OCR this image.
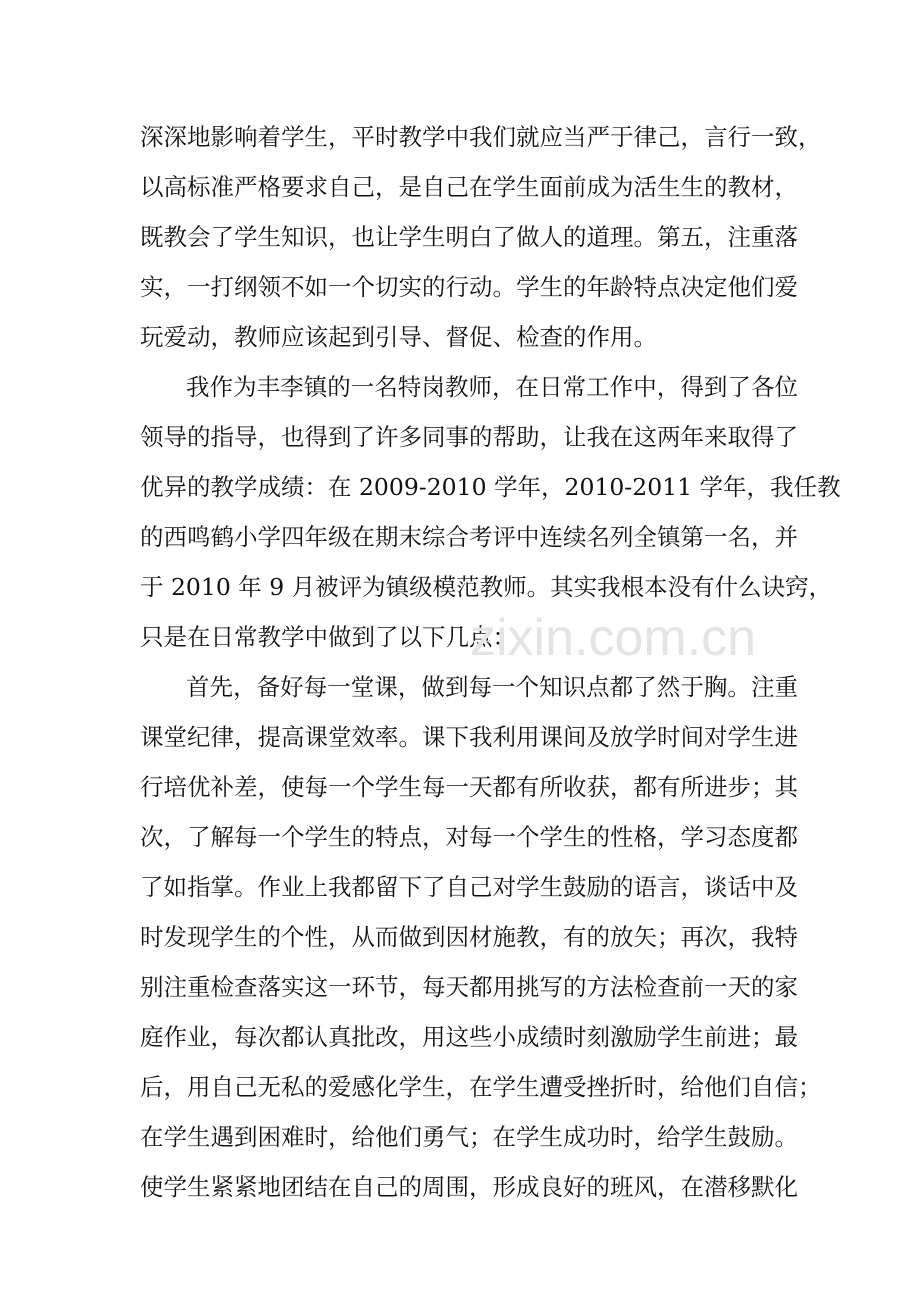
深深地影响着学生，平时教学中我们就应当严于律己，言行一致，
以高标准严格要求自己，是自己在学生面前成为活生生的教材，
既教会了学生知识，也让学生明白了做人的道理。第五，注重落
实，一打纲领不如一个切实的行动。学生的年龄特点决定他们爱
玩爱动，教师应该起到引导、督促、检查的作用。
我作为丰李镇的一名特岗教师，在日常工作中，得到了各位
领导的指导，也得到了许多同事的帮助，让我在这两年来取得了
优异的教学成绩：在 2009-2010 学年，2010-2011 学年，我任教
的西鸣鹤小学四年级在期末综合考评中连续名列全镇第一名，并
于 2010 年 9 月被评为镇级模范教师。其实我根本没有什么诀窍，
只是在日常教学中做到了以下几点：
首先，备好每一堂课，做到每一个知识点都了然于胸。注重
课堂纪律，提高课堂效率。课下我利用课间及放学时间对学生进
行培优补差，使每一个学生每一天都有所收获，都有所进步；其
次，了解每一个学生的特点，对每一个学生的性格，学习态度都
了如指掌。作业上我都留下了自己对学生鼓励的语言，谈话中及
时发现学生的个性，从而做到因材施教，有的放矢；再次，我特
别注重检查落实这一环节，每天都用挑写的方法检查前一天的家
庭作业，每次都认真批改，用这些小成绩时刻激励学生前进；最
后，用自己无私的爱感化学生，在学生遭受挫折时，给他们自信；
在学生遇到困难时，给他们勇气；在学生成功时，给学生鼓励。
使学生紧紧地团结在自己的周围，形成良好的班风，在潜移默化
zixin.com.cn
